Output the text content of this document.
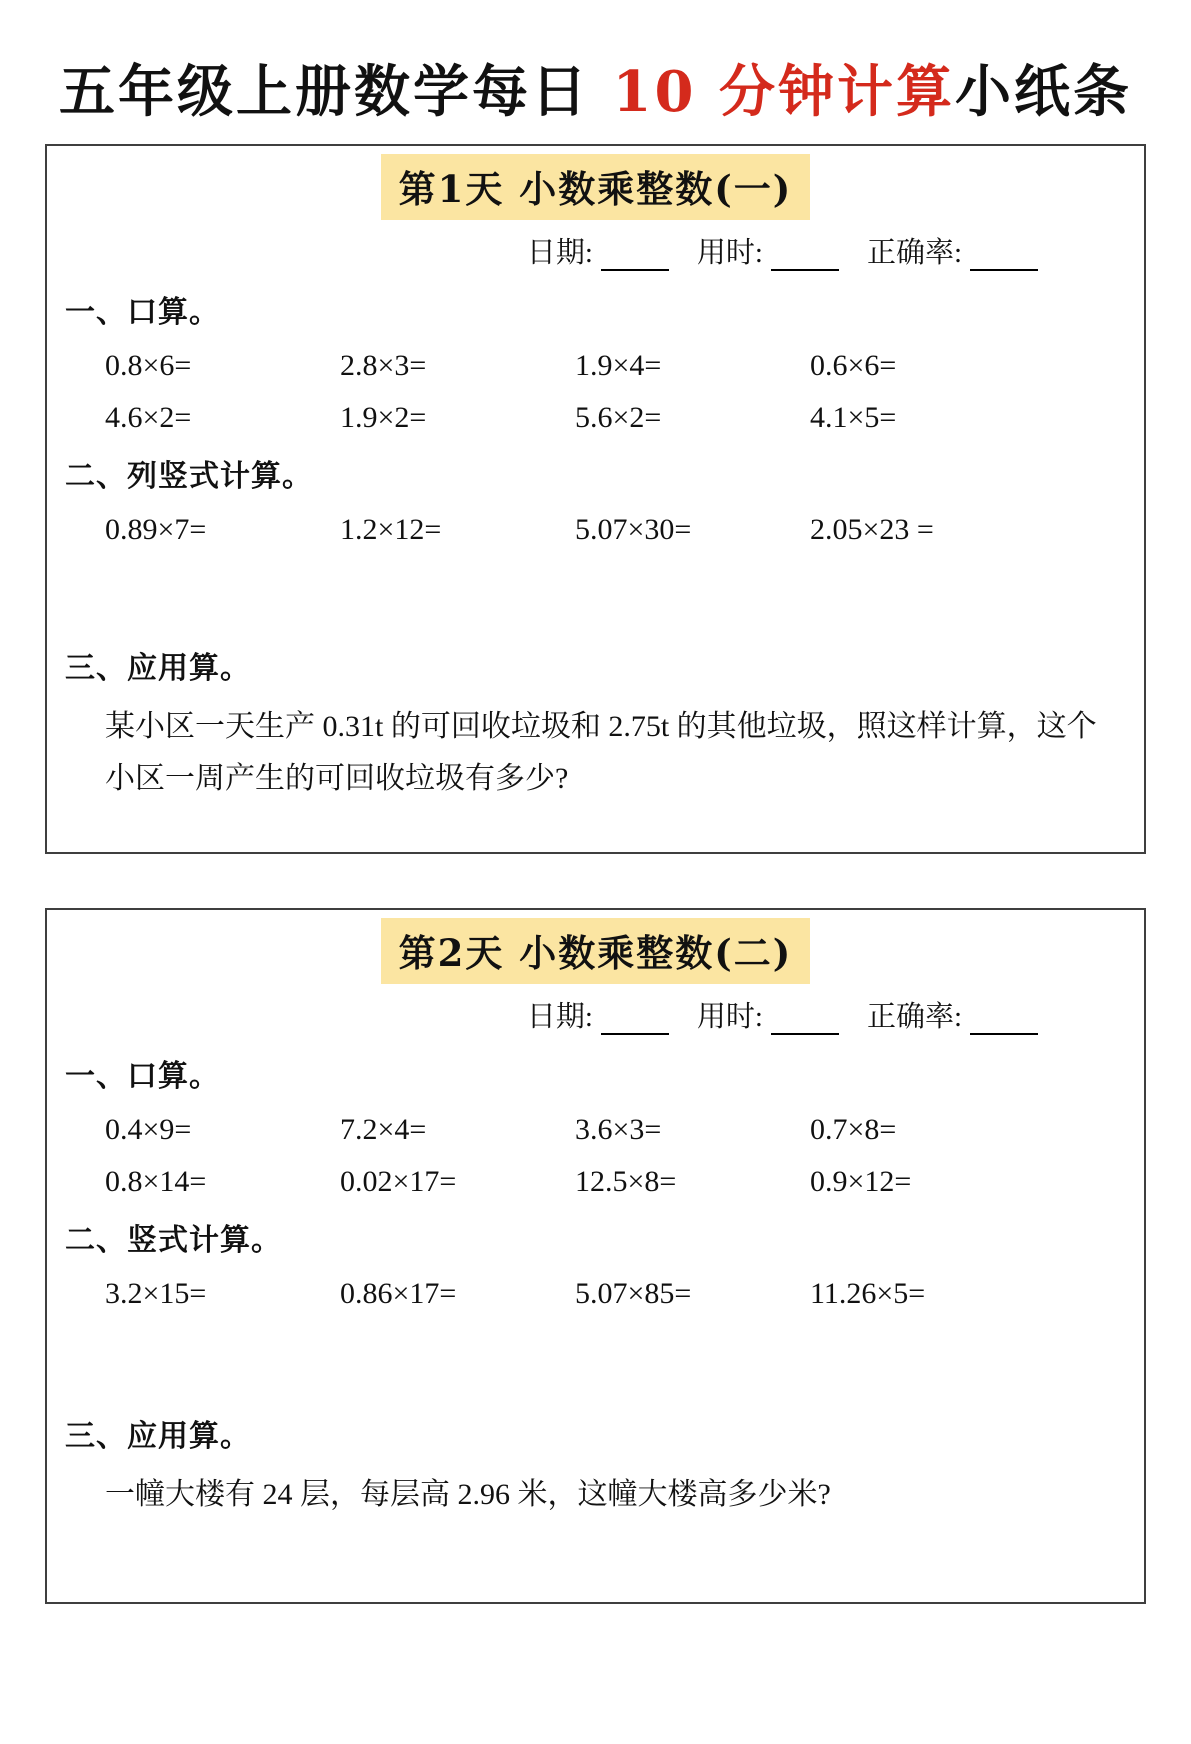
五年级上册数学每日 10 分钟计算小纸条
第1天 小数乘整数(一)
日期:	用时:	正确率:
一、口算。
0.8×6=	2.8×3=	1.9×4=	0.6×6=
4.6×2=	1.9×2=	5.6×2=	4.1×5=
二、列竖式计算。
0.89×7=	1.2×12=	5.07×30=	2.05×23 =
三、应用算。

某小区一天生产 0.31t 的可回收垃圾和 2.75t 的其他垃圾，照这样计算，这个小区一周产生的可回收垃圾有多少?

第2天 小数乘整数(二)
日期:	用时:	正确率:
一、口算。
0.4×9=	7.2×4=	3.6×3=	0.7×8=
0.8×14=	0.02×17=	12.5×8=	0.9×12=
二、竖式计算。
3.2×15=	0.86×17=	5.07×85=	11.26×5=
三、应用算。

一幢大楼有 24 层，每层高 2.96 米，这幢大楼高多少米?
